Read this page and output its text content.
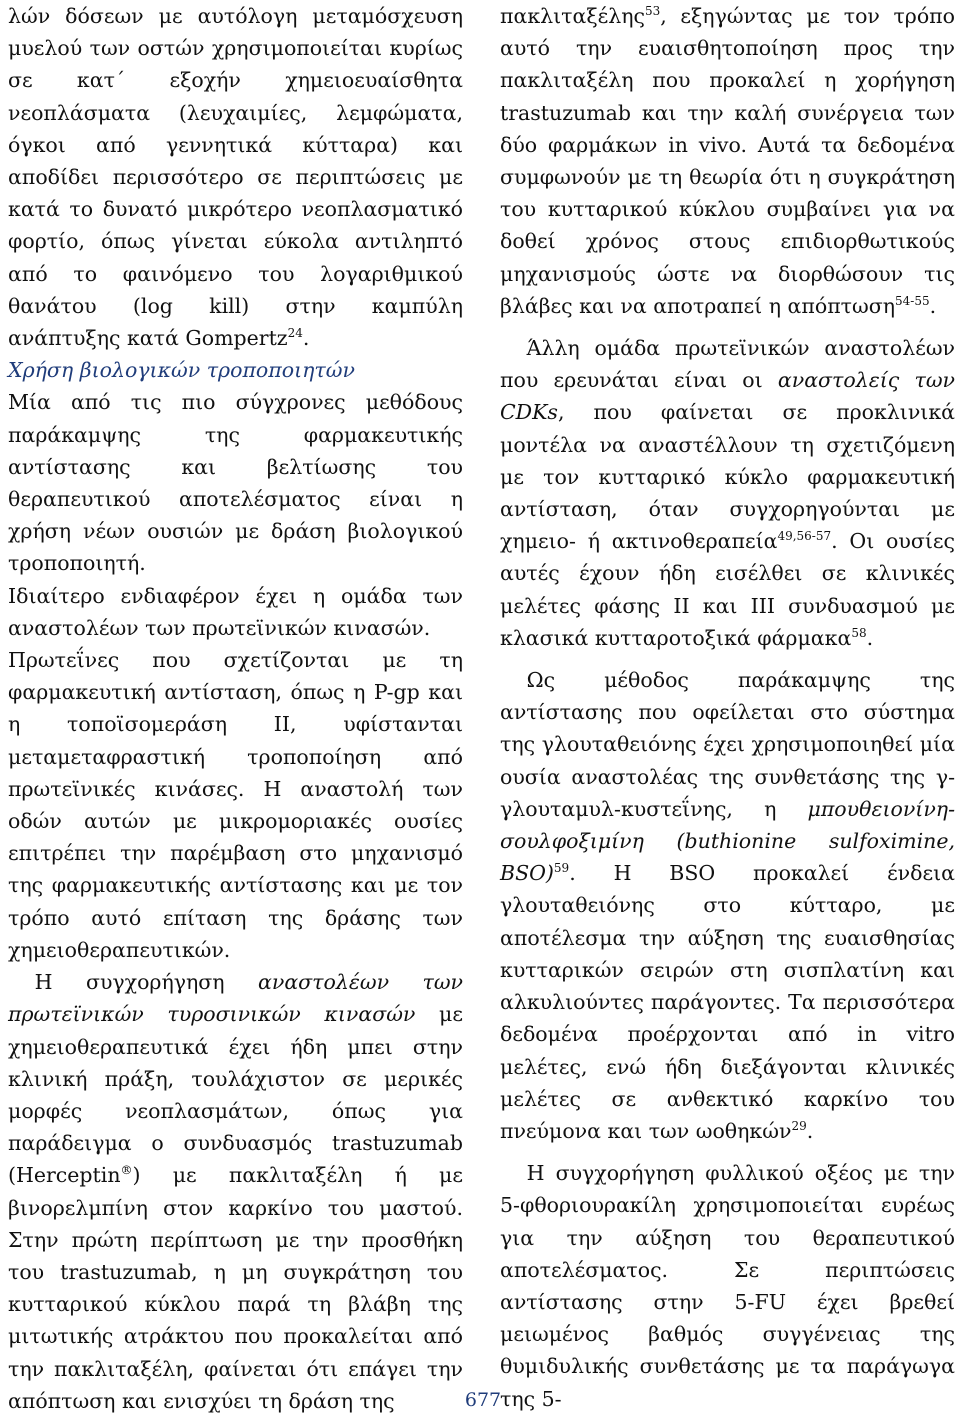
λών δόσεων με αυτόλογη μεταμόσχευση μυελού των οστών χρησιμοποιείται κυρίως σε κατ΄ εξοχήν χημειοευαίσθητα νεοπλάσματα (λευχαιμίες, λεμφώματα, όγκοι από γεννητικά κύτταρα) και αποδίδει περισσότερο σε περιπτώσεις με κατά το δυνατό μικρότερο νεοπλασματικό φορτίο, όπως γίνεται εύκολα αντιληπτό από το φαινόμενο του λογαριθμικού θανάτου (log kill) στην καμπύλη ανάπτυξης κατά Gompertz$^{24}$.

Χρήση βιολογικών τροποποιητών

Μία από τις πιο σύγχρονες μεθόδους παράκαμψης της φαρμακευτικής αντίστασης και βελτίωσης του θεραπευτικού αποτελέσματος είναι η χρήση νέων ουσιών με δράση βιολογικού τροποποιητή.

Ιδιαίτερο ενδιαφέρον έχει η ομάδα των αναστολέων των πρωτεϊνικών κινασών.

Πρωτεΐνες που σχετίζονται με τη φαρμακευτική αντίσταση, όπως η P-gp και η τοποϊσομεράση ΙΙ, υφίστανται μεταμεταφραστική τροποποίηση από πρωτεϊνικές κινάσες. Η αναστολή των οδών αυτών με μικρομοριακές ουσίες επιτρέπει την παρέμβαση στο μηχανισμό της φαρμακευτικής αντίστασης και με τον τρόπο αυτό επίταση της δράσης των χημειοθεραπευτικών.

Η συγχορήγηση αναστολέων των πρωτεϊνικών τυροσινικών κινασών με χημειοθεραπευτικά έχει ήδη μπει στην κλινική πράξη, τουλάχιστον σε μερικές μορφές νεοπλασμάτων, όπως για παράδειγμα ο συνδυασμός trastuzumab (Herceptin®) με πακλιταξέλη ή με βινορελμπίνη στον καρκίνο του μαστού. Στην πρώτη περίπτωση με την προσθήκη του trastuzumab, η μη συγκράτηση του κυτταρικού κύκλου παρά τη βλάβη της μιτωτικής ατράκτου που προκαλείται από την πακλιταξέλη, φαίνεται ότι επάγει την απόπτωση και ενισχύει τη δράση της

πακλιταξέλης$^{53}$, εξηγώντας με τον τρόπο αυτό την ευαισθητοποίηση προς την πακλιταξέλη που προκαλεί η χορήγηση trastuzumab και την καλή συνέργεια των δύο φαρμάκων in vivo. Αυτά τα δεδομένα συμφωνούν με τη θεωρία ότι η συγκράτηση του κυτταρικού κύκλου συμβαίνει για να δοθεί χρόνος στους επιδιορθωτικούς μηχανισμούς ώστε να διορθώσουν τις βλάβες και να αποτραπεί η απόπτωση$^{54-55}$.

Άλλη ομάδα πρωτεϊνικών αναστολέων που ερευνάται είναι οι αναστολείς των CDKs, που φαίνεται σε προκλινικά μοντέλα να αναστέλλουν τη σχετιζόμενη με τον κυτταρικό κύκλο φαρμακευτική αντίσταση, όταν συγχορηγούνται με χημειο- ή ακτινοθεραπεία$^{49,56-57}$. Οι ουσίες αυτές έχουν ήδη εισέλθει σε κλινικές μελέτες φάσης ΙΙ και ΙΙΙ συνδυασμού με κλασικά κυτταροτοξικά φάρμακα$^{58}$.

Ως μέθοδος παράκαμψης της αντίστασης που οφείλεται στο σύστημα της γλουταθειόνης έχει χρησιμοποιηθεί μία ουσία αναστολέας της συνθετάσης της γ-γλουταμυλ-κυστεΐνης, η μπουθειονίνη-σουλφοξιμίνη (buthionine sulfoximine, BSO)$^{59}$. Η BSO προκαλεί ένδεια γλουταθειόνης στο κύτταρο, με αποτέλεσμα την αύξηση της ευαισθησίας κυτταρικών σειρών στη σισπλατίνη και αλκυλιούντες παράγοντες. Τα περισσότερα δεδομένα προέρχονται από in vitro μελέτες, ενώ ήδη διεξάγονται κλινικές μελέτες σε ανθεκτικό καρκίνο του πνεύμονα και των ωοθηκών$^{29}$.

Η συγχορήγηση φυλλικού οξέος με την 5-φθοριουρακίλη χρησιμοποιείται ευρέως για την αύξηση του θεραπευτικού αποτελέσματος. Σε περιπτώσεις αντίστασης στην 5-FU έχει βρεθεί μειωμένος βαθμός συγγένειας της θυμιδυλικής συνθετάσης με τα παράγωγα της 5-

677
